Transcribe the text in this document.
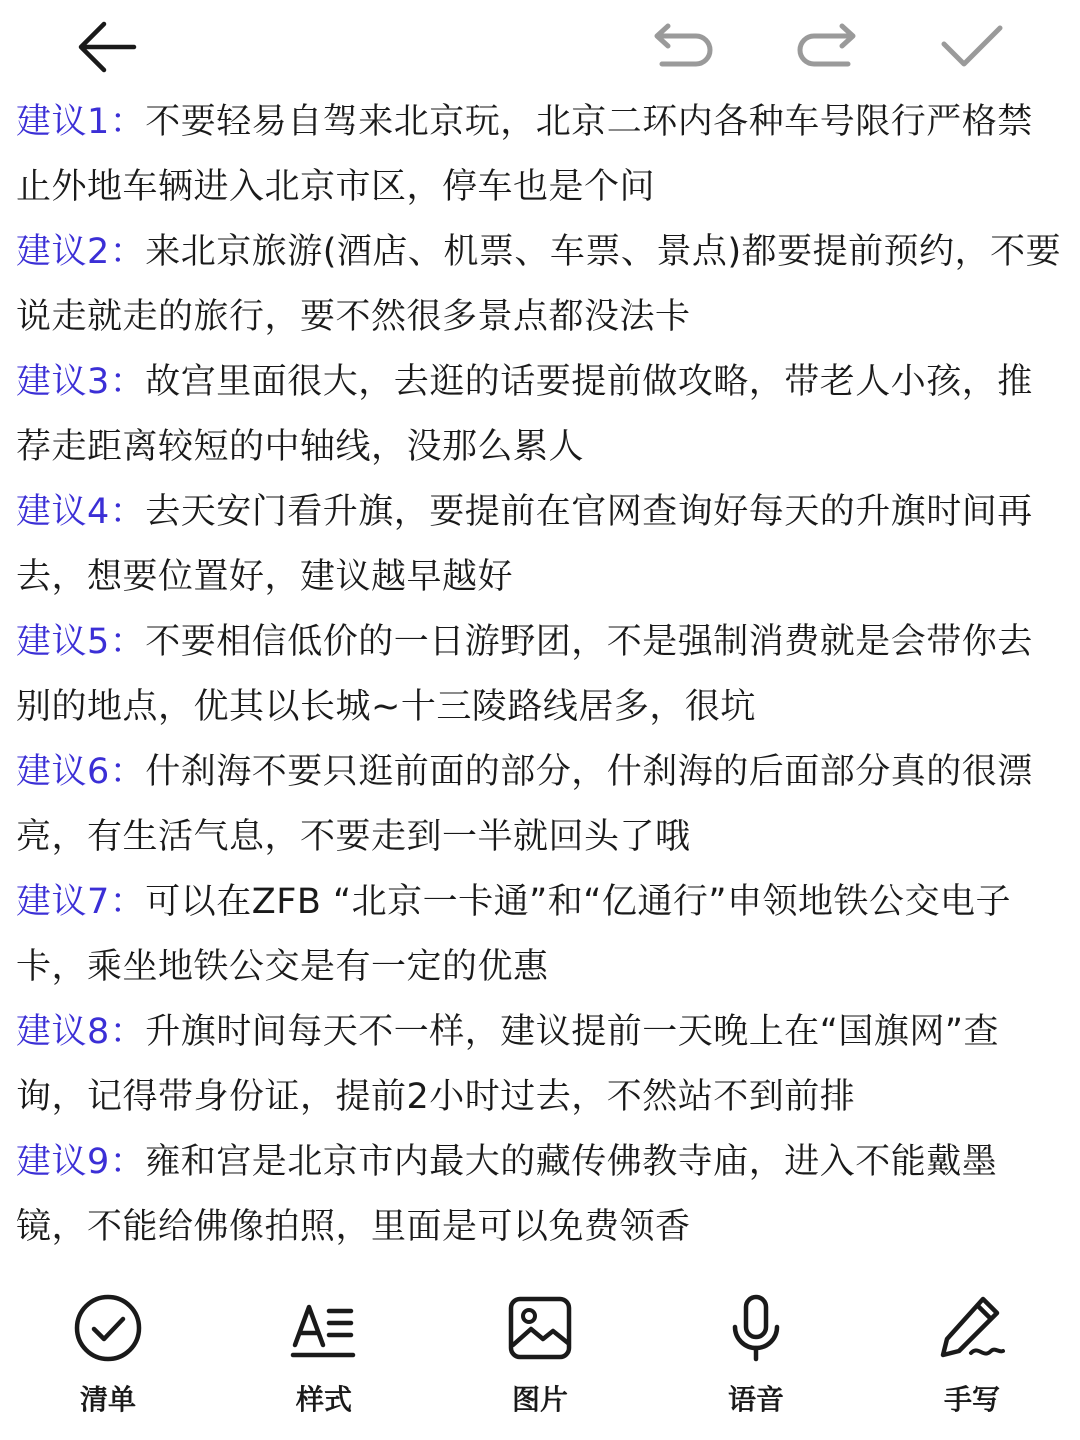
建议1：不要轻易自驾来北京玩，北京二环内各种车号限行严格禁止外地车辆进入北京市区，停车也是个问

建议2：来北京旅游(酒店、机票、车票、景点)都要提前预约，不要说走就走的旅行，要不然很多景点都没法卡

建议3：故宫里面很大，去逛的话要提前做攻略，带老人小孩，推荐走距离较短的中轴线，没那么累人

建议4：去天安门看升旗，要提前在官网查询好每天的升旗时间再去，想要位置好，建议越早越好

建议5：不要相信低价的一日游野团，不是强制消费就是会带你去别的地点，优其以长城~十三陵路线居多，很坑

建议6：什刹海不要只逛前面的部分，什刹海的后面部分真的很漂亮，有生活气息，不要走到一半就回头了哦

建议7：可以在ZFB “北京一卡通”和“亿通行”申领地铁公交电子卡，乘坐地铁公交是有一定的优惠

建议8：升旗时间每天不一样，建议提前一天晚上在“国旗网”查询，记得带身份证，提前2小时过去，不然站不到前排

建议9：雍和宫是北京市内最大的藏传佛教寺庙，进入不能戴墨镜，不能给佛像拍照，里面是可以免费领香

清单	样式	图片	语音	手写
